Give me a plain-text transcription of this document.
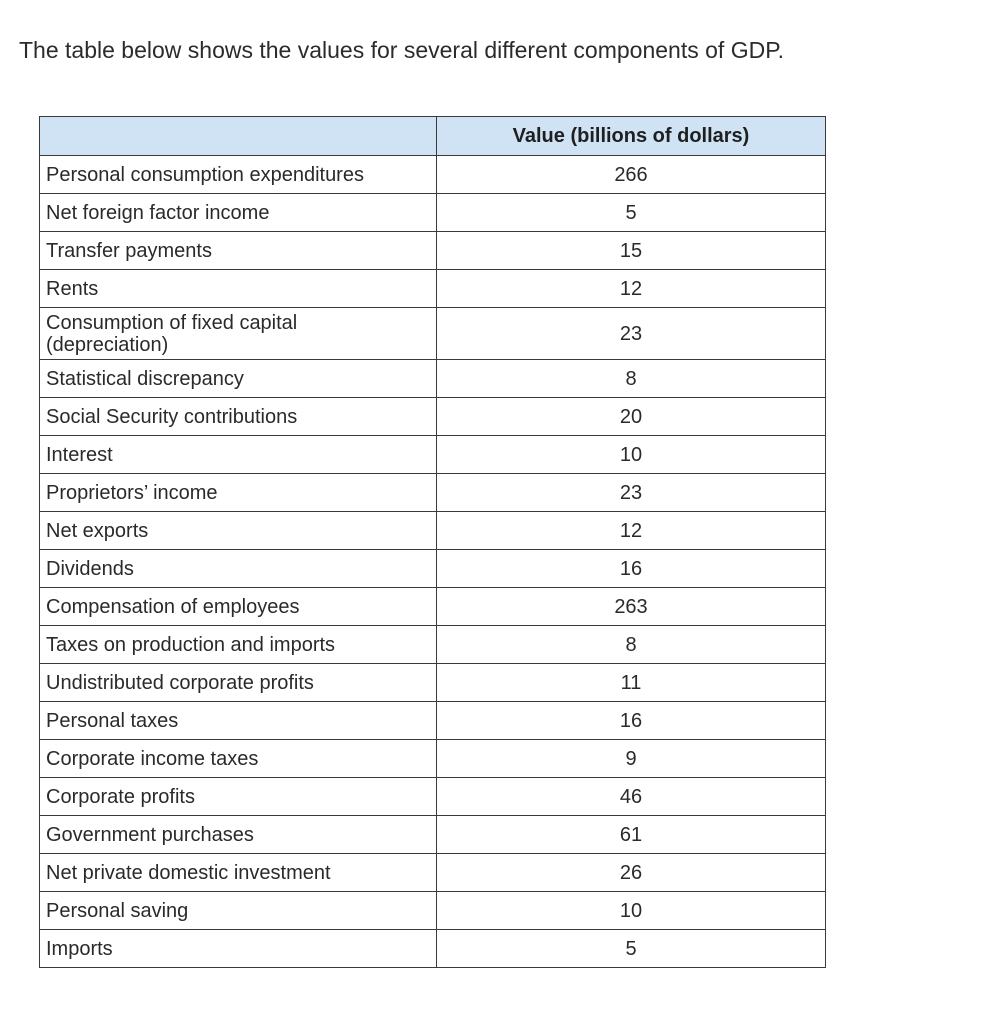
The table below shows the values for several different components of GDP.
	Value (billions of dollars)
Personal consumption expenditures	266
Net foreign factor income	5
Transfer payments	15
Rents	12

Consumption of fixed capital (depreciation)	23
Statistical discrepancy	8
Social Security contributions	20
Interest	10
Proprietors’ income	23
Net exports	12
Dividends	16
Compensation of employees	263
Taxes on production and imports	8
Undistributed corporate profits	11
Personal taxes	16
Corporate income taxes	9
Corporate profits	46
Government purchases	61
Net private domestic investment	26
Personal saving	10
Imports	5
